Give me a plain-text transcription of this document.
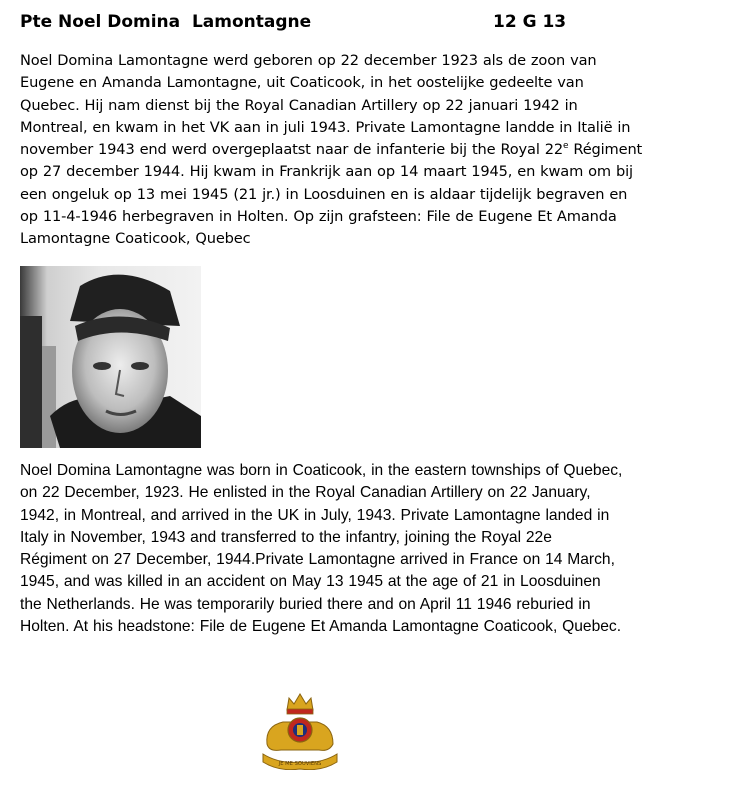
Pte Noel Domina  Lamontagne	12 G 13
Noel Domina Lamontagne werd geboren op 22 december 1923 als de zoon van
Eugene en Amanda Lamontagne, uit Coaticook, in het oostelijke gedeelte van
Quebec. Hij nam dienst bij the Royal Canadian Artillery op 22 januari 1942 in
Montreal, en kwam in het VK aan in juli 1943. Private Lamontagne landde in Italië in
november 1943 end werd overgeplaatst naar de infanterie bij the Royal 22e Régiment
op 27 december 1944. Hij kwam in Frankrijk aan op 14 maart 1945, en kwam om bij
een ongeluk op 13 mei 1945 (21 jr.) in Loosduinen en is aldaar tijdelijk begraven en
op 11-4-1946 herbegraven in Holten. Op zijn grafsteen: File de Eugene Et Amanda
Lamontagne Coaticook, Quebec
Noel Domina Lamontagne was born in Coaticook, in the eastern townships of Quebec,
on 22 December, 1923. He enlisted in the Royal Canadian Artillery on 22 January,
1942, in Montreal, and arrived in the UK in July, 1943. Private Lamontagne landed in
Italy in November, 1943 and transferred to the infantry, joining the Royal 22e
Régiment on 27 December, 1944.Private Lamontagne arrived in France on 14 March,
1945, and was killed in an accident on May 13 1945 at the age of 21 in Loosduinen
the Netherlands. He was temporarily buried there and on April 11 1946 reburied in
Holten. At his headstone: File de Eugene Et Amanda Lamontagne Coaticook, Quebec.
JE ME SOUVIENS
